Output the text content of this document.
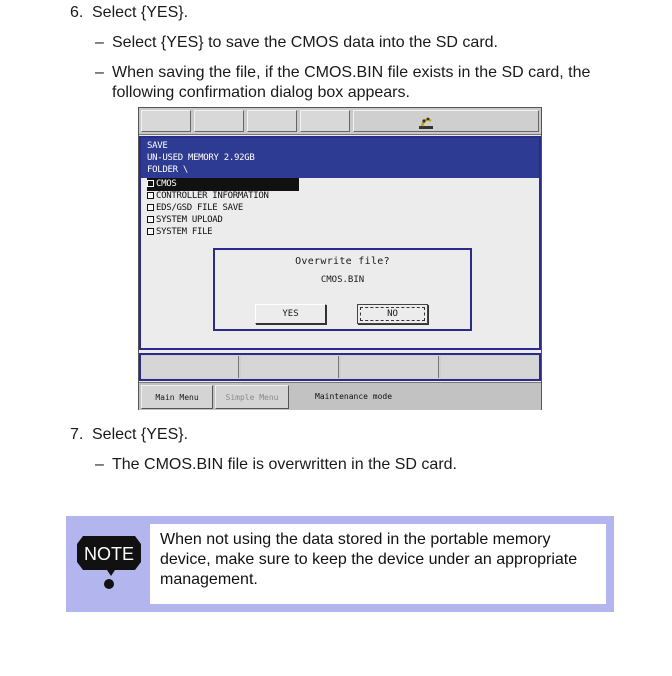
6. Select {YES}.
– Select {YES} to save the CMOS data into the SD card.
– When saving the file, if the CMOS.BIN file exists in the SD card, the following confirmation dialog box appears.
SAVE
UN-USED MEMORY 2.92GB
FOLDER \
CMOS
CONTROLLER INFORMATION
EDS/GSD FILE SAVE
SYSTEM UPLOAD
SYSTEM FILE
Overwrite file?
CMOS.BIN
YES	NO
Main Menu	Simple Menu	Maintenance mode
7. Select {YES}.
– The CMOS.BIN file is overwritten in the SD card.
NOTE
When not using the data stored in the portable memory device, make sure to keep the device under an appropriate management.
